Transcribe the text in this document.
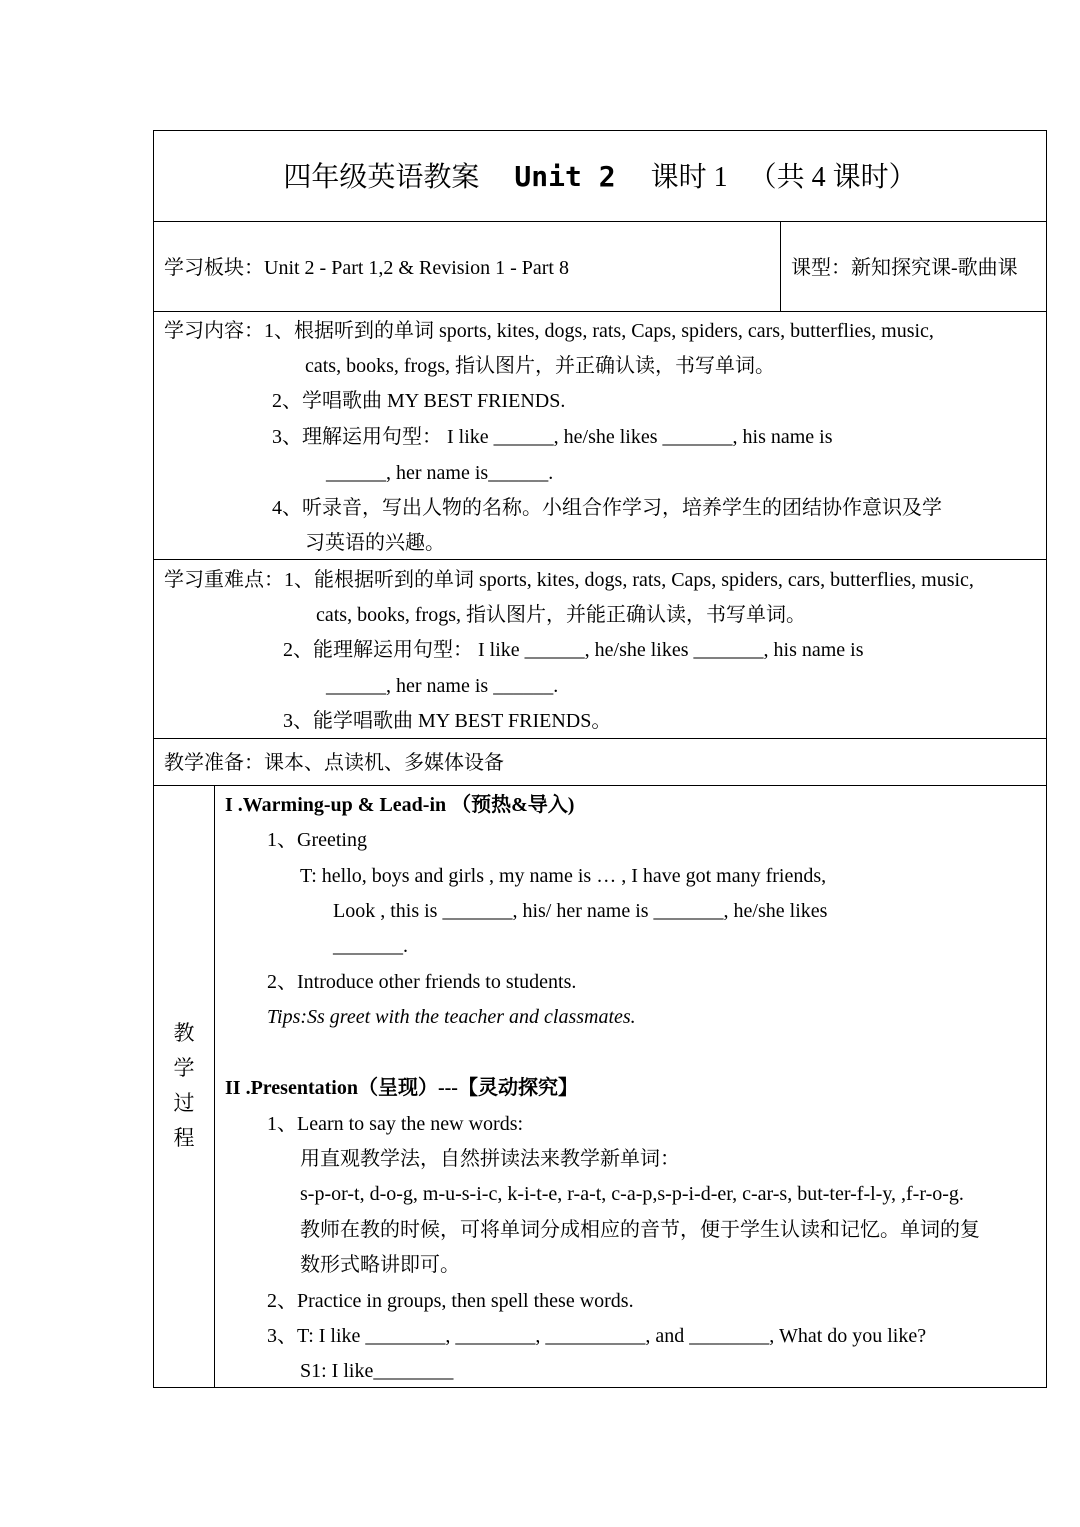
四年级英语教案 Unit 2 课时 1 （共 4 课时）
学习板块：Unit 2 - Part 1,2 & Revision 1 - Part 8	课型：新知探究课-歌曲课
学习内容：1、根据听到的单词 sports, kites, dogs, rats, Caps, spiders, cars, butterflies, music,
cats, books, frogs, 指认图片，并正确认读，书写单词。
2、学唱歌曲 MY BEST FRIENDS.
3、理解运用句型： I like ______, he/she likes _______, his name is
______, her name is______.
4、听录音，写出人物的名称。小组合作学习，培养学生的团结协作意识及学
习英语的兴趣。
学习重难点：1、能根据听到的单词 sports, kites, dogs, rats, Caps, spiders, cars, butterflies, music,
cats, books, frogs, 指认图片，并能正确认读，书写单词。
2、能理解运用句型： I like ______, he/she likes _______, his name is
______, her name is ______.
3、能学唱歌曲 MY BEST FRIENDS。
教学准备：课本、点读机、多媒体设备
教
学
过
程
I .Warming-up & Lead-in （预热&导入)
1、Greeting
T: hello, boys and girls , my name is … , I have got many friends,
Look , this is _______, his/ her name is _______, he/she likes
_______.
2、Introduce other friends to students.
Tips:Ss greet with the teacher and classmates.
II .Presentation（呈现）---【灵动探究】
1、Learn to say the new words:
用直观教学法，自然拼读法来教学新单词：
s-p-or-t, d-o-g, m-u-s-i-c, k-i-t-e, r-a-t, c-a-p,s-p-i-d-er, c-ar-s, but-ter-f-l-y, ,f-r-o-g.
教师在教的时候，可将单词分成相应的音节，便于学生认读和记忆。单词的复
数形式略讲即可。
2、Practice in groups, then spell these words.
3、T: I like ________, ________, __________, and ________, What do you like?
S1: I like________
